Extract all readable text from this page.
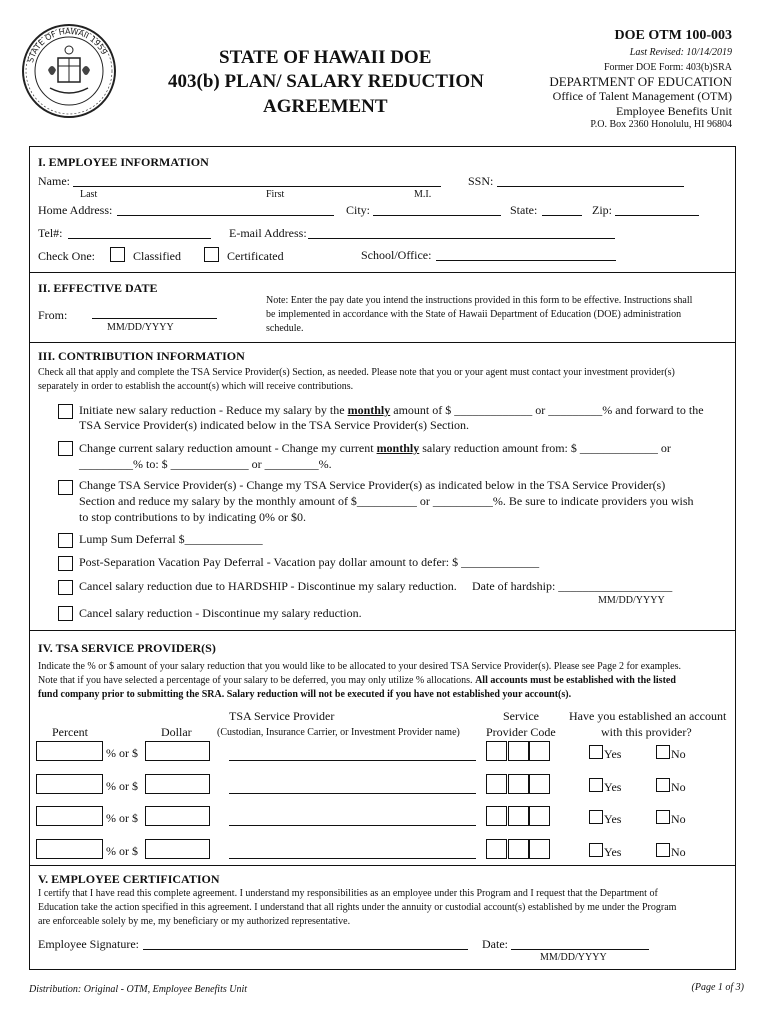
STATE OF HAWAII 1959	STATE OF HAWAII DOE
403(b) PLAN/ SALARY REDUCTION
AGREEMENT
DOE OTM 100-003
Last Revised: 10/14/2019
Former DOE Form: 403(b)SRA
DEPARTMENT OF EDUCATION
Office of Talent Management (OTM)
Employee Benefits Unit
P.O. Box 2360 Honolulu, HI 96804
I. EMPLOYEE INFORMATION
Name:	SSN:
Last	First	M.I.
Home Address:	City:	State:	Zip:
Tel#:	E-mail Address:
Check One:	Classified	Certificated	School/Office:
II. EFFECTIVE DATE
From:
MM/DD/YYYY
Note: Enter the pay date you intend the instructions provided in this form to be effective. Instructions shall
be implemented in accordance with the State of Hawaii Department of Education (DOE) administration
schedule.
III. CONTRIBUTION INFORMATION
Check all that apply and complete the TSA Service Provider(s) Section, as needed. Please note that you or your agent must contact your investment provider(s)
separately in order to establish the account(s) which will receive contributions.
Initiate new salary reduction - Reduce my salary by the monthly amount of $ _____________ or _________% and forward to the
TSA Service Provider(s) indicated below in the TSA Service Provider(s) Section.
Change current salary reduction amount - Change my current monthly salary reduction amount from: $ _____________ or
_________% to: $ _____________ or _________%.
Change TSA Service Provider(s) - Change my TSA Service Provider(s) as indicated below in the TSA Service Provider(s)
Section and reduce my salary by the monthly amount of $__________ or __________%. Be sure to indicate providers you wish
to stop contributions to by indicating 0% or $0.
Lump Sum Deferral $_____________
Post-Separation Vacation Pay Deferral - Vacation pay dollar amount to defer: $ _____________
Cancel salary reduction due to HARDSHIP - Discontinue my salary reduction. Date of hardship: ___________________
MM/DD/YYYY
Cancel salary reduction - Discontinue my salary reduction.
IV. TSA SERVICE PROVIDER(S)
Indicate the % or $ amount of your salary reduction that you would like to be allocated to your desired TSA Service Provider(s). Please see Page 2 for examples.
Note that if you have selected a percentage of your salary to be deferred, you may only utilize % allocations. All accounts must be established with the listed
fund company prior to submitting the SRA. Salary reduction will not be executed if you have not established your account(s).
TSA Service Provider
Percent	Dollar	(Custodian, Insurance Carrier, or Investment Provider name)
Service
Provider Code
Have you established an account
with this provider?
% or $	Yes	No
% or $	Yes	No
% or $	Yes	No
% or $	Yes	No
V. EMPLOYEE CERTIFICATION
I certify that I have read this complete agreement. I understand my responsibilities as an employee under this Program and I request that the Department of
Education take the action specified in this agreement. I understand that all rights under the annuity or custodial account(s) established by me under the Program
are enforceable solely by me, my beneficiary or my authorized representative.
Employee Signature:	Date:
MM/DD/YYYY
Distribution: Original - OTM, Employee Benefits Unit	(Page 1 of 3)
